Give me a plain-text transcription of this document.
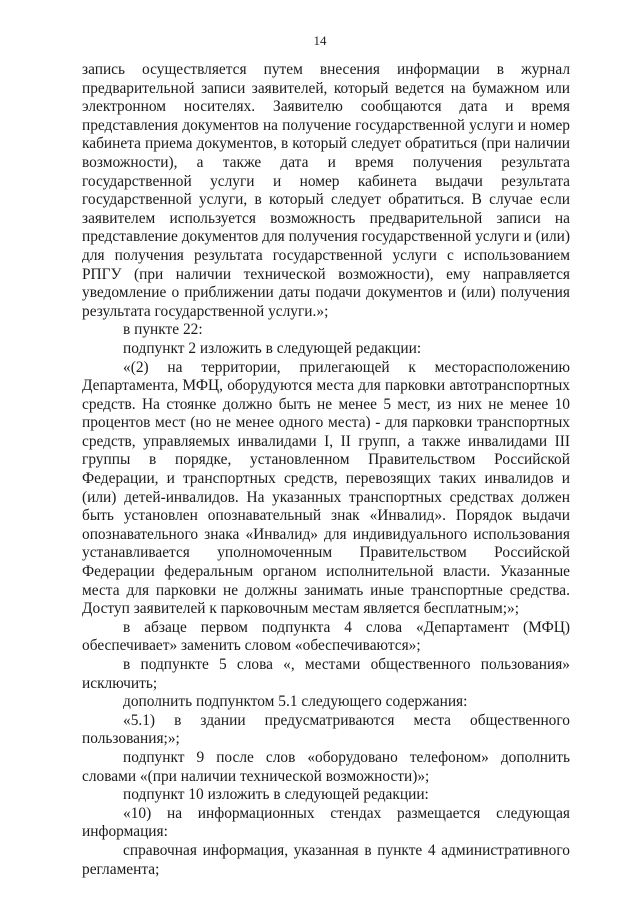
14

запись осуществляется путем внесения информации в журнал предварительной записи заявителей, который ведется на бумажном или электронном носителях. Заявителю сообщаются дата и время представления документов на получение государственной услуги и номер кабинета приема документов, в который следует обратиться (при наличии возможности), а также дата и время получения результата государственной услуги и номер кабинета выдачи результата государственной услуги, в который следует обратиться. В случае если заявителем используется возможность предварительной записи на представление документов для получения государственной услуги и (или) для получения результата государственной услуги с использованием РПГУ (при наличии технической возможности), ему направляется уведомление о приближении даты подачи документов и (или) получения результата государственной услуги.»;

в пункте 22:

подпункт 2 изложить в следующей редакции:

«(2) на территории, прилегающей к месторасположению Департамента, МФЦ, оборудуются места для парковки автотранспортных средств. На стоянке должно быть не менее 5 мест, из них не менее 10 процентов мест (но не менее одного места) - для парковки транспортных средств, управляемых инвалидами I, II групп, а также инвалидами III группы в порядке, установленном Правительством Российской Федерации, и транспортных средств, перевозящих таких инвалидов и (или) детей-инвалидов. На указанных транспортных средствах должен быть установлен опознавательный знак «Инвалид». Порядок выдачи опознавательного знака «Инвалид» для индивидуального использования устанавливается уполномоченным Правительством Российской Федерации федеральным органом исполнительной власти. Указанные места для парковки не должны занимать иные транспортные средства. Доступ заявителей к парковочным местам является бесплатным;»;

в абзаце первом подпункта 4 слова «Департамент (МФЦ) обеспечивает» заменить словом «обеспечиваются»;

в подпункте 5 слова «, местами общественного пользования» исключить;

дополнить подпунктом 5.1 следующего содержания:

«5.1) в здании предусматриваются места общественного пользования;»;

подпункт 9 после слов «оборудовано телефоном» дополнить словами «(при наличии технической возможности)»;

подпункт 10 изложить в следующей редакции:

«10) на информационных стендах размещается следующая информация:

справочная информация, указанная в пункте 4 административного регламента;
